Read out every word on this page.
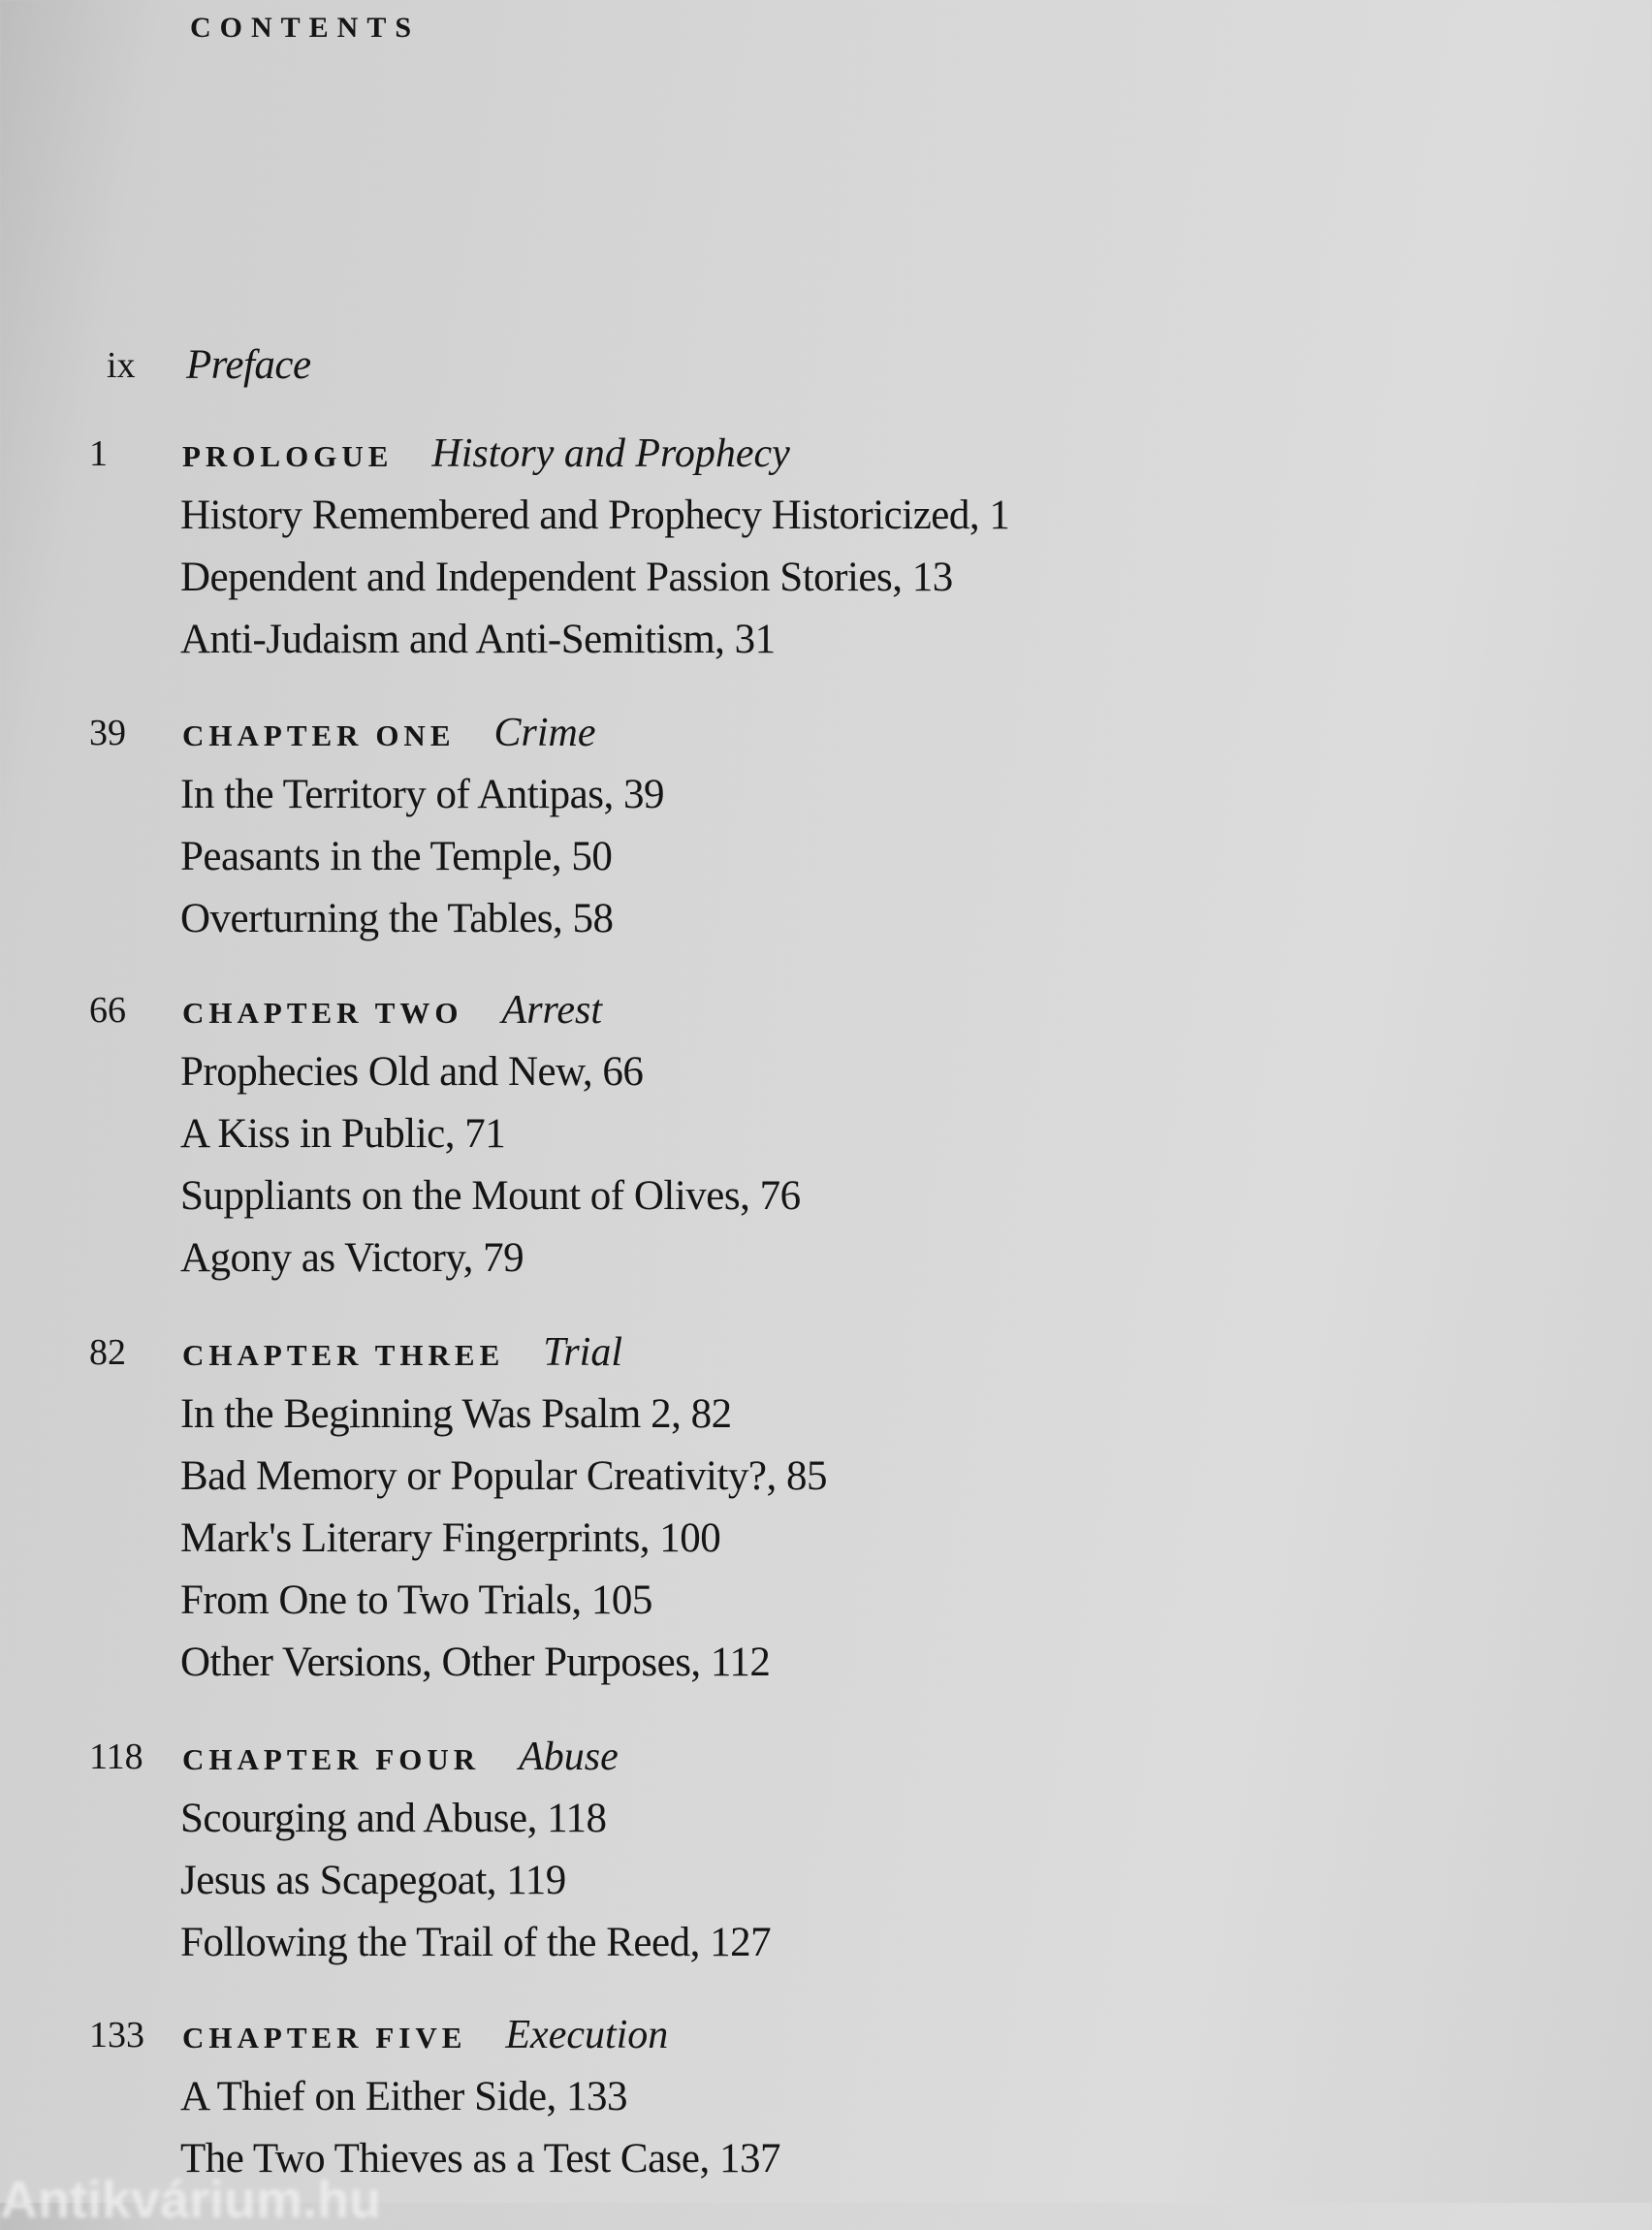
CONTENTS
ix	Preface
1	PROLOGUE History and Prophecy
History Remembered and Prophecy Historicized, 1
Dependent and Independent Passion Stories, 13
Anti-Judaism and Anti-Semitism, 31
39	CHAPTER ONE Crime
In the Territory of Antipas, 39
Peasants in the Temple, 50
Overturning the Tables, 58
66	CHAPTER TWO Arrest
Prophecies Old and New, 66
A Kiss in Public, 71
Suppliants on the Mount of Olives, 76
Agony as Victory, 79
82	CHAPTER THREE Trial
In the Beginning Was Psalm 2, 82
Bad Memory or Popular Creativity?, 85
Mark's Literary Fingerprints, 100
From One to Two Trials, 105
Other Versions, Other Purposes, 112
118 CHAPTER FOUR Abuse
Scourging and Abuse, 118
Jesus as Scapegoat, 119
Following the Trail of the Reed, 127
133 CHAPTER FIVE Execution
A Thief on Either Side, 133
The Two Thieves as a Test Case, 137
Antikvárium.hu
